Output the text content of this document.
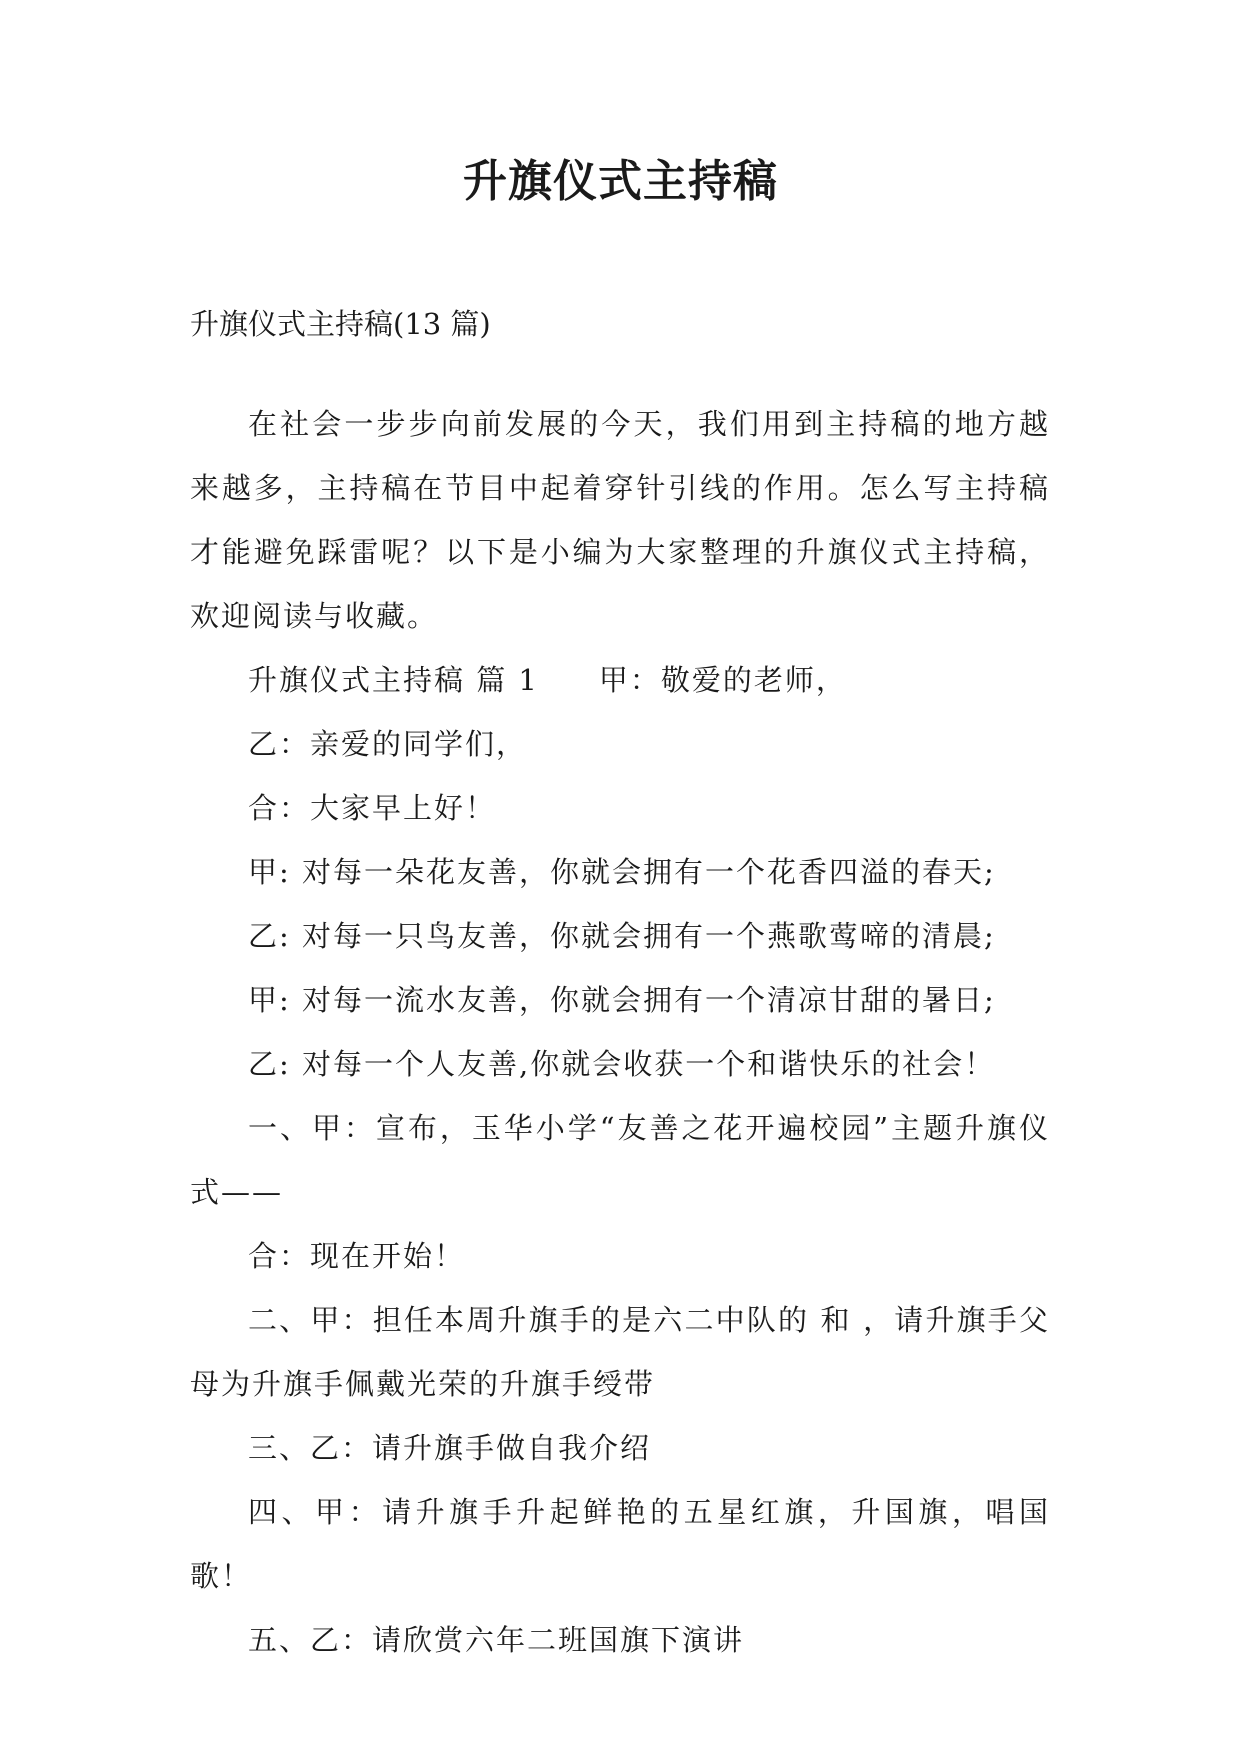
升旗仪式主持稿

升旗仪式主持稿(13 篇)

在社会一步步向前发展的今天，我们用到主持稿的地方越来越多，主持稿在节目中起着穿针引线的作用。怎么写主持稿才能避免踩雷呢？以下是小编为大家整理的升旗仪式主持稿，欢迎阅读与收藏。

升旗仪式主持稿 篇 1 甲：敬爱的老师，

乙：亲爱的同学们，

合：大家早上好！

甲: 对每一朵花友善，你就会拥有一个花香四溢的春天;

乙: 对每一只鸟友善，你就会拥有一个燕歌莺啼的清晨;

甲: 对每一流水友善，你就会拥有一个清凉甘甜的暑日;

乙: 对每一个人友善,你就会收获一个和谐快乐的社会！

一、甲：宣布，玉华小学“友善之花开遍校园”主题升旗仪式——

合：现在开始！

二、甲：担任本周升旗手的是六二中队的 和 ，请升旗手父母为升旗手佩戴光荣的升旗手绶带

三、乙：请升旗手做自我介绍

四、甲：请升旗手升起鲜艳的五星红旗，升国旗，唱国歌！

五、乙：请欣赏六年二班国旗下演讲
